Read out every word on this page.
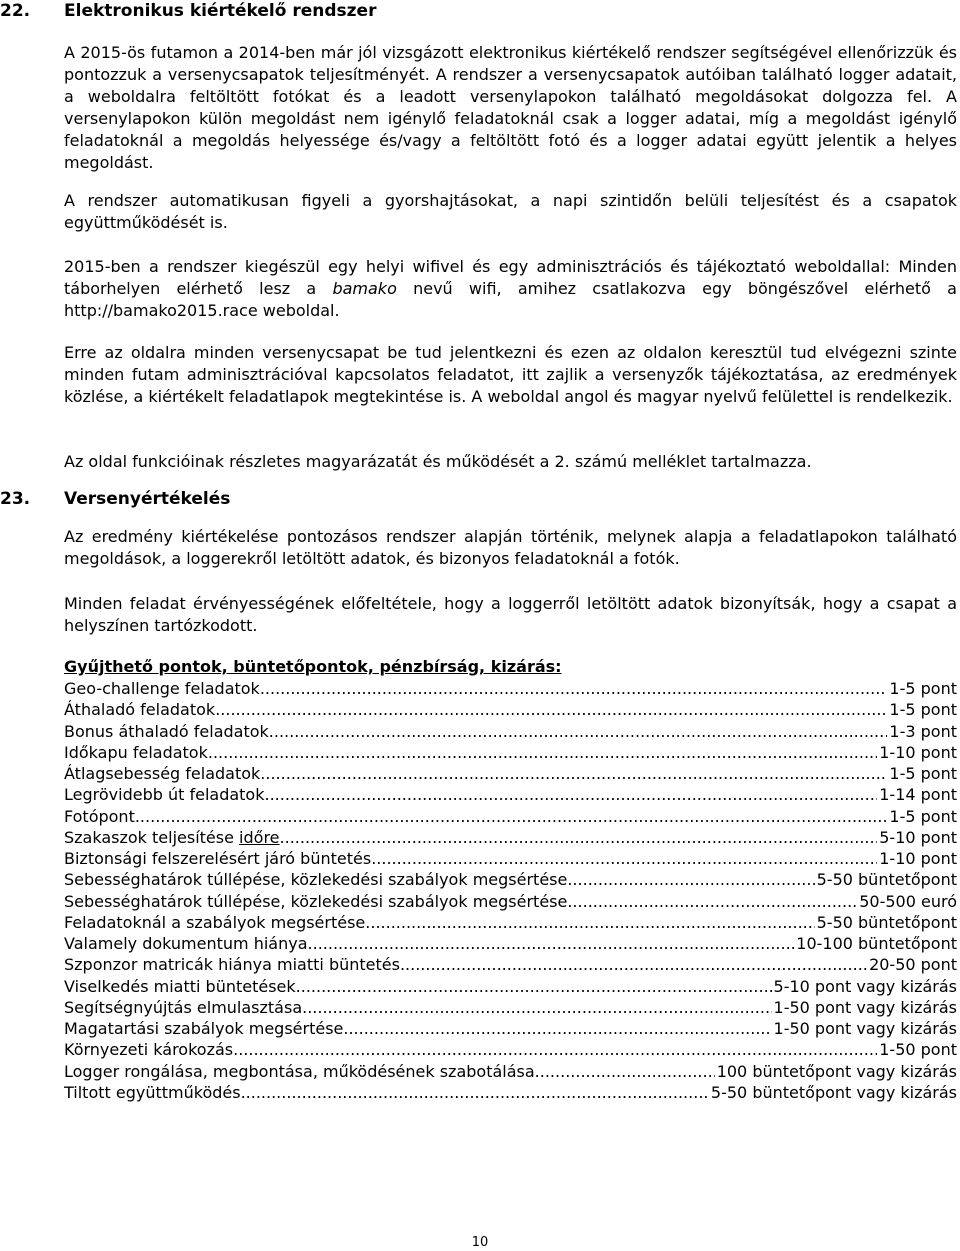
22. Elektronikus kiértékelő rendszer

A 2015-ös futamon a 2014-ben már jól vizsgázott elektronikus kiértékelő rendszer segítségével ellenőrizzük és pontozzuk a versenycsapatok teljesítményét. A rendszer a versenycsapatok autóiban található logger adatait, a weboldalra feltöltött fotókat és a leadott versenylapokon található megoldásokat dolgozza fel. A versenylapokon külön megoldást nem igénylő feladatoknál csak a logger adatai, míg a megoldást igénylő feladatoknál a megoldás helyessége és/vagy a feltöltött fotó és a logger adatai együtt jelentik a helyes megoldást.

A rendszer automatikusan figyeli a gyorshajtásokat, a napi szintidőn belüli teljesítést és a csapatok együttműködését is.

2015-ben a rendszer kiegészül egy helyi wifivel és egy adminisztrációs és tájékoztató weboldallal: Minden táborhelyen elérhető lesz a bamako nevű wifi, amihez csatlakozva egy böngészővel elérhető a http://bamako2015.race weboldal.

Erre az oldalra minden versenycsapat be tud jelentkezni és ezen az oldalon keresztül tud elvégezni szinte minden futam adminisztrációval kapcsolatos feladatot, itt zajlik a versenyzők tájékoztatása, az eredmények közlése, a kiértékelt feladatlapok megtekintése is. A weboldal angol és magyar nyelvű felülettel is rendelkezik.

Az oldal funkcióinak részletes magyarázatát és működését a 2. számú melléklet tartalmazza.

23. Versenyértékelés

Az eredmény kiértékelése pontozásos rendszer alapján történik, melynek alapja a feladatlapokon található megoldások, a loggerekről letöltött adatok, és bizonyos feladatoknál a fotók.

Minden feladat érvényességének előfeltétele, hogy a loggerről letöltött adatok bizonyítsák, hogy a csapat a helyszínen tartózkodott.

Gyűjthető pontok, büntetőpontok, pénzbírság, kizárás:
Geo-challenge feladatok .....	1-5 pont
Áthaladó feladatok .....	1-5 pont
Bonus áthaladó feladatok .....	1-3 pont
Időkapu feladatok .....	1-10 pont
Átlagsebesség feladatok .....	1-5 pont
Legrövidebb út feladatok .....	1-14 pont
Fotópont .....	1-5 pont
Szakaszok teljesítése időre .....	5-10 pont
Biztonsági felszerelésért járó büntetés .....	1-10 pont
Sebességhatárok túllépése, közlekedési szabályok megsértése .....	5-50 büntetőpont
Sebességhatárok túllépése, közlekedési szabályok megsértése .....	50-500 euró
Feladatoknál a szabályok megsértése .....	5-50 büntetőpont
Valamely dokumentum hiánya .....	10-100 büntetőpont
Szponzor matricák hiánya miatti büntetés .....	20-50 pont
Viselkedés miatti büntetések .....	5-10 pont vagy kizárás
Segítségnyújtás elmulasztása .....	1-50 pont vagy kizárás
Magatartási szabályok megsértése .....	1-50 pont vagy kizárás
Környezeti károkozás .....	1-50 pont
Logger rongálása, megbontása, működésének szabotálása .....	100 büntetőpont vagy kizárás
Tiltott együttműködés .....	5-50 büntetőpont vagy kizárás
10
